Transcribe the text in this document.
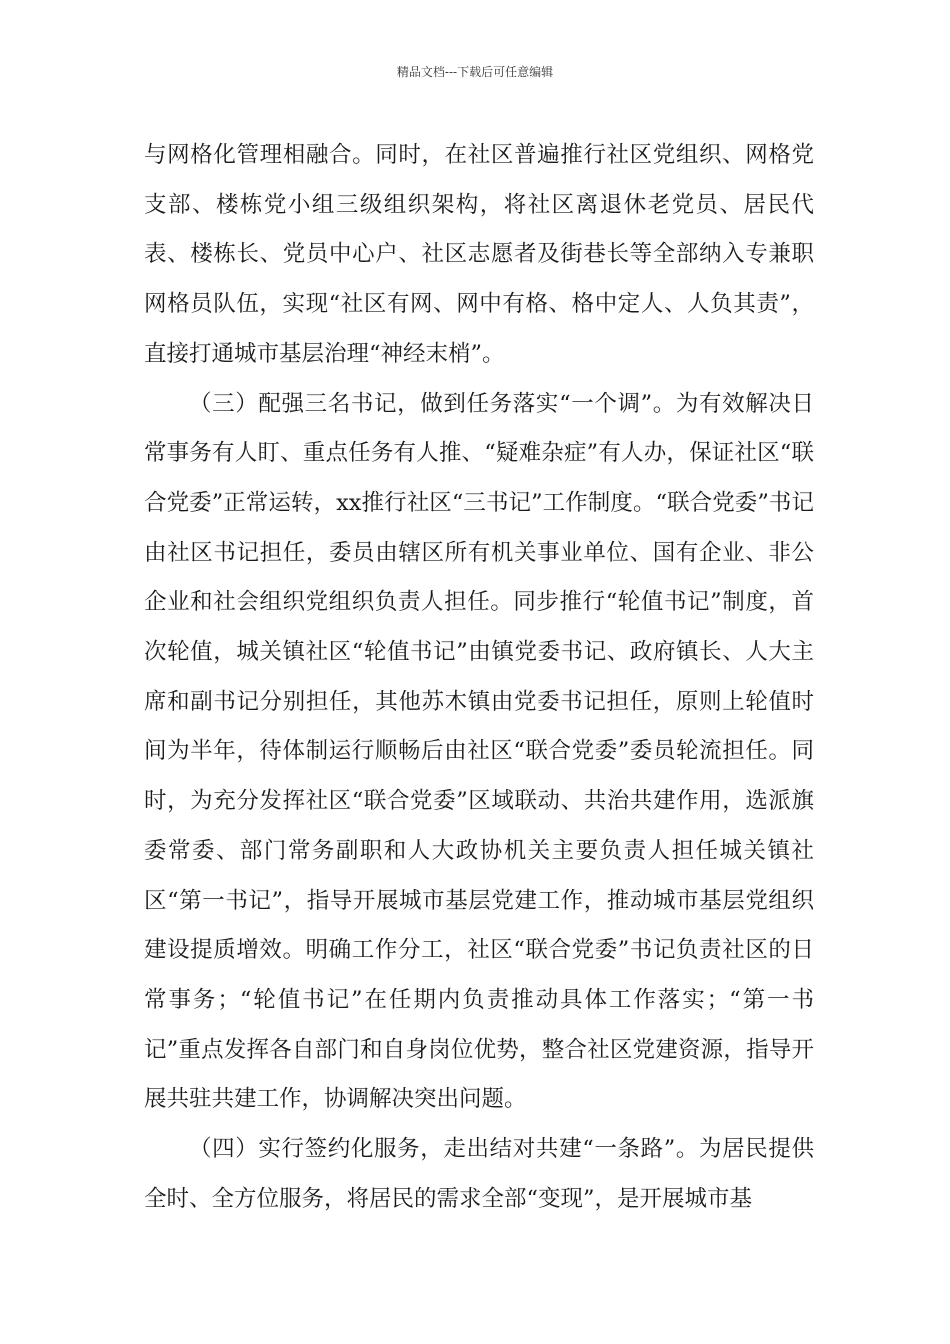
精品文档---下载后可任意编辑

与网格化管理相融合。同时，在社区普遍推行社区党组织、网格党支部、楼栋党小组三级组织架构，将社区离退休老党员、居民代表、楼栋长、党员中心户、社区志愿者及街巷长等全部纳入专兼职网格员队伍，实现“社区有网、网中有格、格中定人、人负其责”，直接打通城市基层治理“神经末梢”。

（三）配强三名书记，做到任务落实“一个调”。为有效解决日常事务有人盯、重点任务有人推、“疑难杂症”有人办，保证社区“联合党委”正常运转，xx推行社区“三书记”工作制度。“联合党委”书记由社区书记担任，委员由辖区所有机关事业单位、国有企业、非公企业和社会组织党组织负责人担任。同步推行“轮值书记”制度，首次轮值，城关镇社区“轮值书记”由镇党委书记、政府镇长、人大主席和副书记分别担任，其他苏木镇由党委书记担任，原则上轮值时间为半年，待体制运行顺畅后由社区“联合党委”委员轮流担任。同时，为充分发挥社区“联合党委”区域联动、共治共建作用，选派旗委常委、部门常务副职和人大政协机关主要负责人担任城关镇社区“第一书记”，指导开展城市基层党建工作，推动城市基层党组织建设提质增效。明确工作分工，社区“联合党委”书记负责社区的日常事务；“轮值书记”在任期内负责推动具体工作落实；“第一书记”重点发挥各自部门和自身岗位优势，整合社区党建资源，指导开展共驻共建工作，协调解决突出问题。

（四）实行签约化服务，走出结对共建“一条路”。为居民提供全时、全方位服务，将居民的需求全部“变现”，是开展城市基
